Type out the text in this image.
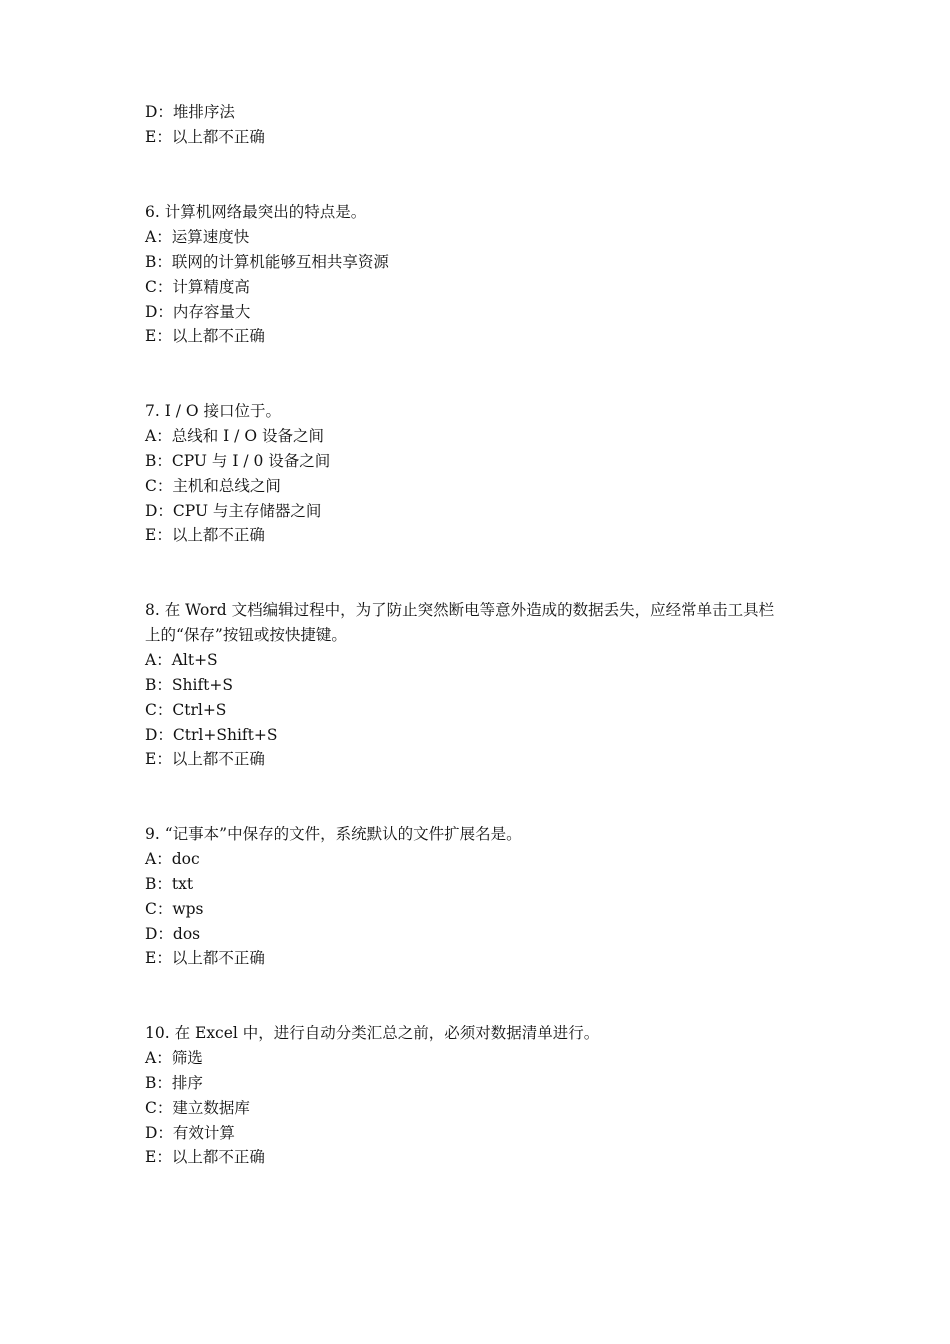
D：堆排序法
E：以上都不正确
6. 计算机网络最突出的特点是。
A：运算速度快
B：联网的计算机能够互相共享资源
C：计算精度高
D：内存容量大
E：以上都不正确
7. I / O 接口位于。
A：总线和 I / O 设备之间
B：CPU 与 I / 0 设备之间
C：主机和总线之间
D：CPU 与主存储器之间
E：以上都不正确
8. 在 Word 文档编辑过程中，为了防止突然断电等意外造成的数据丢失，应经常单击工具栏
上的“保存”按钮或按快捷键。
A：Alt+S
B：Shift+S
C：Ctrl+S
D：Ctrl+Shift+S
E：以上都不正确
9. “记事本”中保存的文件，系统默认的文件扩展名是。
A：doc
B：txt
C：wps
D：dos
E：以上都不正确
10. 在 Excel 中，进行自动分类汇总之前，必须对数据清单进行。
A：筛选
B：排序
C：建立数据库
D：有效计算
E：以上都不正确
